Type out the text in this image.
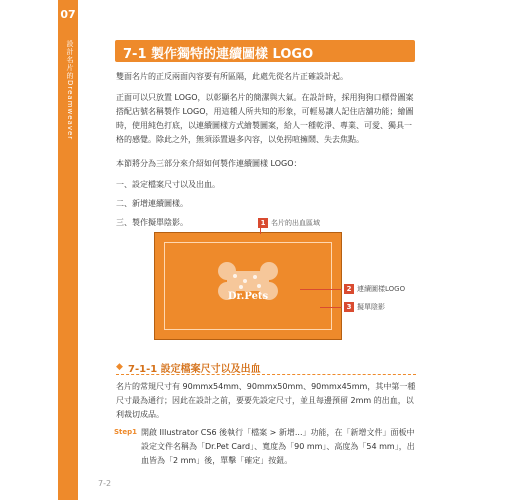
07
設計名片的Dreamweaver	7-1 製作獨特的連續圖樣 LOGO

雙面名片的正反兩面內容要有所區隔，此處先從名片正確設計起。

正面可以只放置 LOGO，以彰顯名片的簡潔與大氣。在設計時，採用狗狗口標骨圖案搭配店號名稱製作 LOGO，用這種人所共知的形象，可輕易讓人記住店舖功能；繪圖時，使用純色打底，以連續圖樣方式繪製圖案，給人一種乾淨、專業、可愛、獨具一格的感覺。除此之外，無須添置過多內容，以免拐喧擁鬧、失去焦點。

本節將分為三部分來介紹如何製作連續圖樣 LOGO：

一、設定檔案尺寸以及出血。

二、新增連續圖樣。

三、製作擬單陰影。

Dr.Pets
1 名片的出血區域
2 連續圖樣LOGO
3 擬單陰影
◆ 7-1-1 設定檔案尺寸以及出血

名片的常規尺寸有 90mmx54mm、90mmx50mm、90mmx45mm，其中第一種尺寸最為通行；因此在設計之前，要要先設定尺寸，並且每邊預留 2mm 的出血，以利裁切成品。

Step1 開啟 Illustrator CS6 後執行「檔案 > 新增...」功能，在「新增文件」面板中設定文件名稱為「Dr.Pet Card」、寬度為「90 mm」、高度為「54 mm」，出血皆為「2 mm」後，單擊「確定」按鈕。

7-2
